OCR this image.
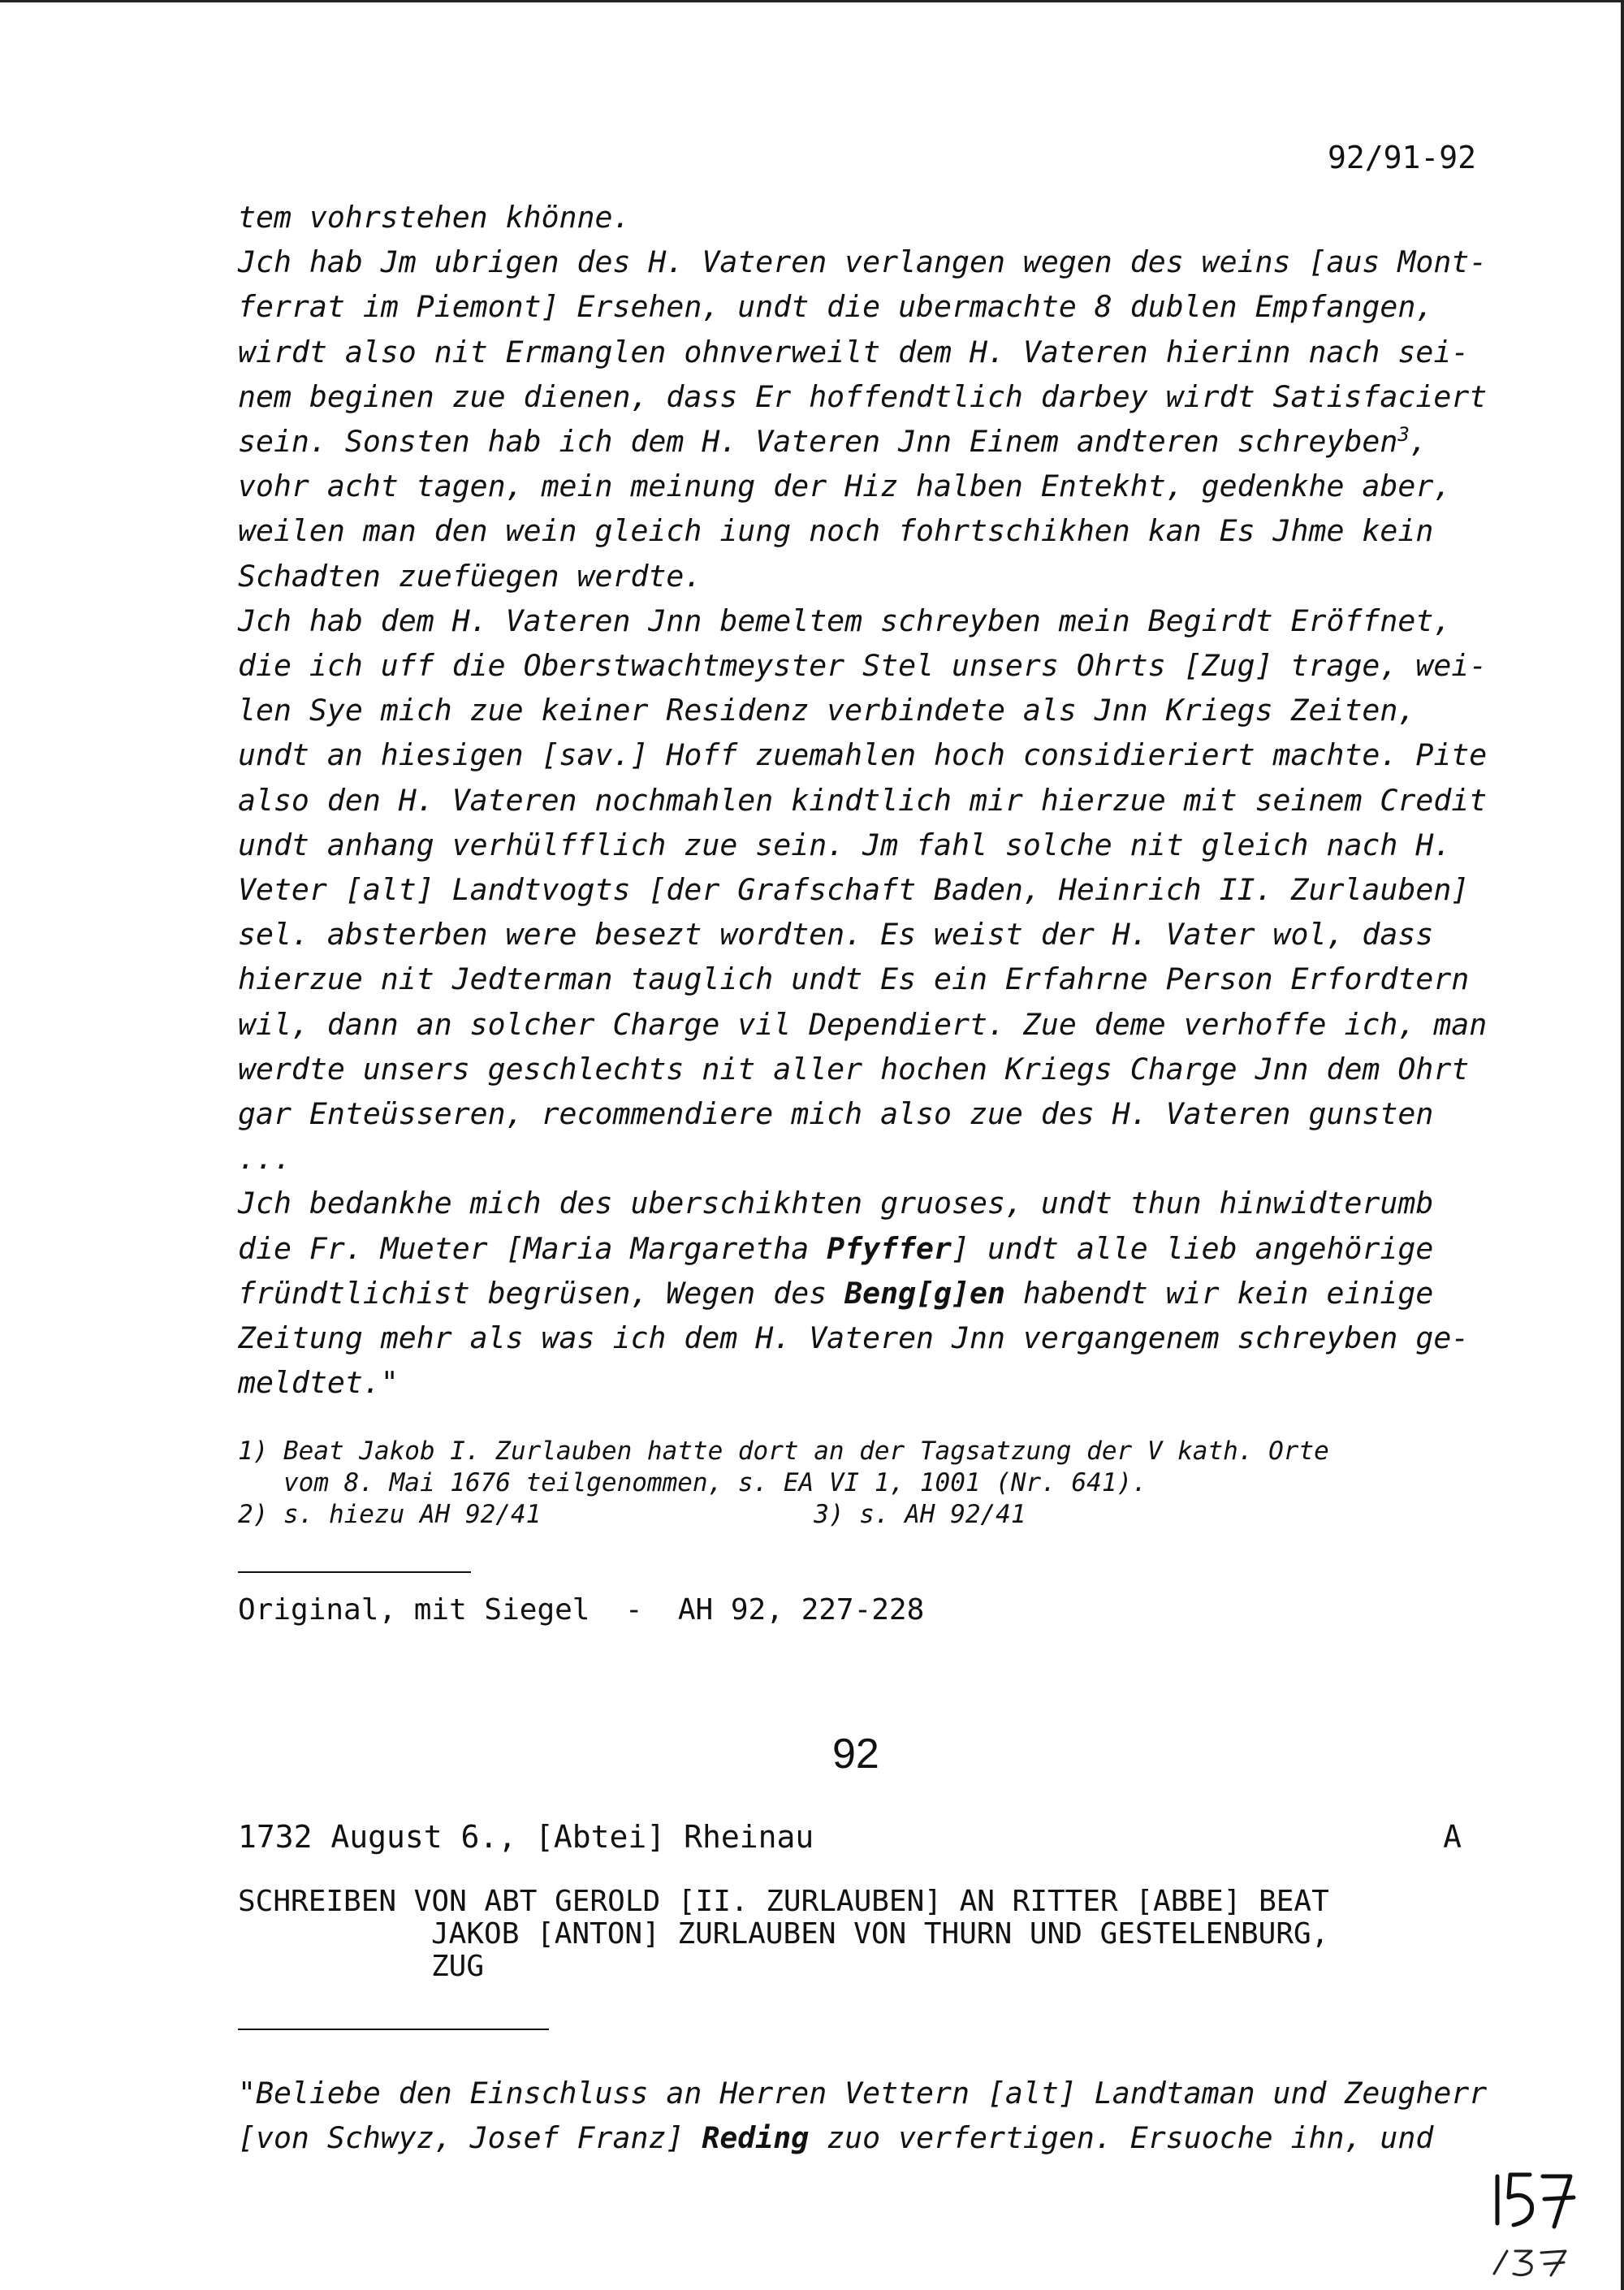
92/91-92
tem vohrstehen khönne.
Jch hab Jm ubrigen des H. Vateren verlangen wegen des weins [aus Mont-
ferrat im Piemont] Ersehen, undt die ubermachte 8 dublen Empfangen,
wirdt also nit Ermanglen ohnverweilt dem H. Vateren hierinn nach sei-
nem beginen zue dienen, dass Er hoffendtlich darbey wirdt Satisfaciert
sein. Sonsten hab ich dem H. Vateren Jnn Einem andteren schreyben$^3$,
vohr acht tagen, mein meinung der Hiz halben Entekht, gedenkhe aber,
weilen man den wein gleich iung noch fohrtschikhen kan Es Jhme kein
Schadten zuefüegen werdte.
Jch hab dem H. Vateren Jnn bemeltem schreyben mein Begirdt Eröffnet,
die ich uff die Oberstwachtmeyster Stel unsers Ohrts [Zug] trage, wei-
len Sye mich zue keiner Residenz verbindete als Jnn Kriegs Zeiten,
undt an hiesigen [sav.] Hoff zuemahlen hoch considieriert machte. Pite
also den H. Vateren nochmahlen kindtlich mir hierzue mit seinem Credit
undt anhang verhülfflich zue sein. Jm fahl solche nit gleich nach H.
Veter [alt] Landtvogts [der Grafschaft Baden, Heinrich II. Zurlauben]
sel. absterben were besezt wordten. Es weist der H. Vater wol, dass
hierzue nit Jedterman tauglich undt Es ein Erfahrne Person Erfordtern
wil, dann an solcher Charge vil Dependiert. Zue deme verhoffe ich, man
werdte unsers geschlechts nit aller hochen Kriegs Charge Jnn dem Ohrt
gar Enteüsseren, recommendiere mich also zue des H. Vateren gunsten
...
Jch bedankhe mich des uberschikhten gruoses, undt thun hinwidterumb
die Fr. Mueter [Maria Margaretha Pfyffer] undt alle lieb angehörige
fründtlichist begrüsen, Wegen des Beng[g]en habendt wir kein einige
Zeitung mehr als was ich dem H. Vateren Jnn vergangenem schreyben ge-
meldtet."
1) Beat Jakob I. Zurlauben hatte dort an der Tagsatzung der V kath. Orte
vom 8. Mai 1676 teilgenommen, s. EA VI 1, 1001 (Nr. 641).
2) s. hiezu AH 92/41                  3) s. AH 92/41
Original, mit Siegel  -  AH 92, 227-228
92
1732 August 6., [Abtei] Rheinau	A
SCHREIBEN VON ABT GEROLD [II. ZURLAUBEN] AN RITTER [ABBE] BEAT
JAKOB [ANTON] ZURLAUBEN VON THURN UND GESTELENBURG,
ZUG
"Beliebe den Einschluss an Herren Vettern [alt] Landtaman und Zeugherr
[von Schwyz, Josef Franz] Reding zuo verfertigen. Ersuoche ihn, und
